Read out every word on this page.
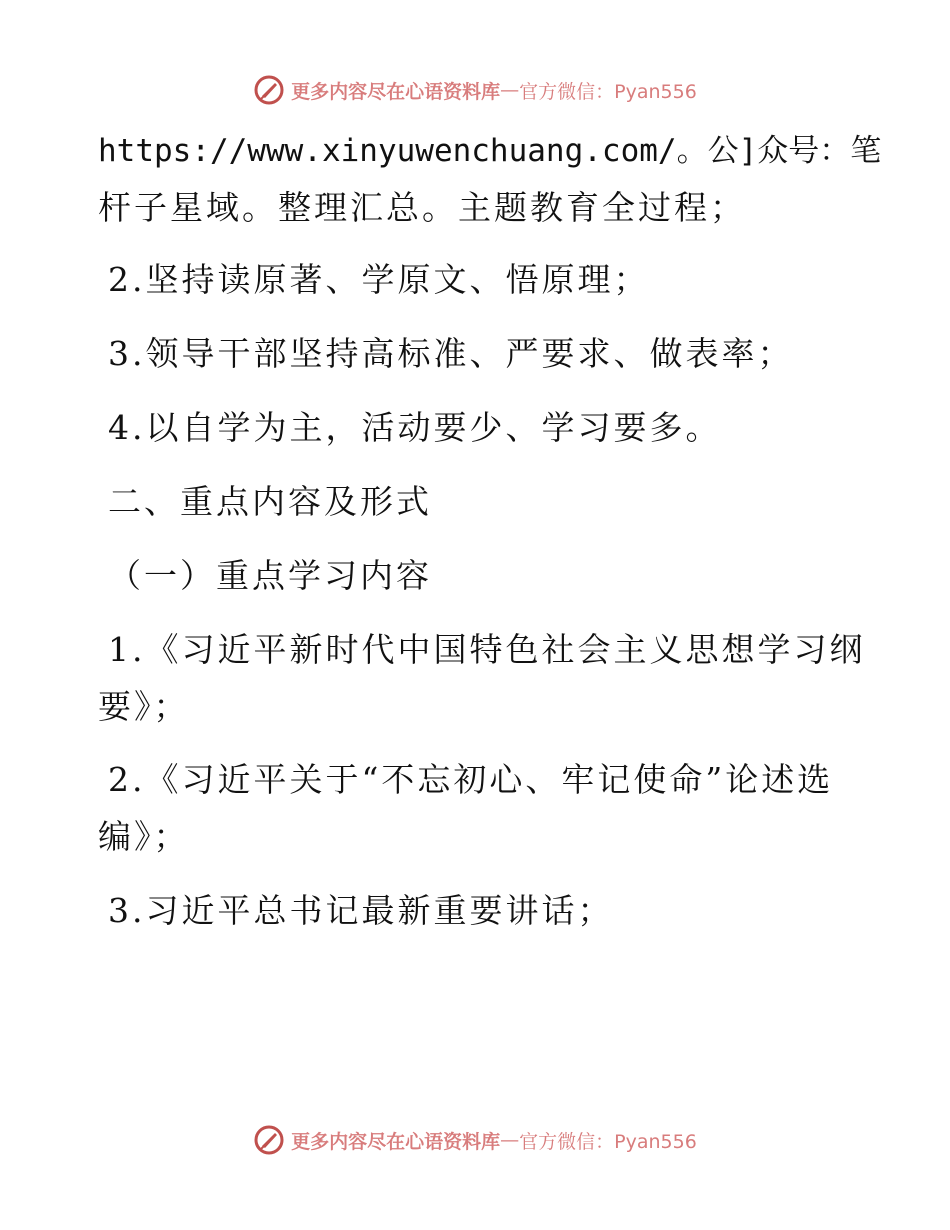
更多内容尽在心语资料库 — 官方微信：Pyan556
https://www.xinyuwenchuang.com/。公]众号：笔
杆子星域。整理汇总。主题教育全过程；
2.坚持读原著、学原文、悟原理；
3.领导干部坚持高标准、严要求、做表率；
4.以自学为主，活动要少、学习要多。
二、重点内容及形式
（一）重点学习内容
1.《习近平新时代中国特色社会主义思想学习纲
要》；
2.《习近平关于“不忘初心、牢记使命”论述选
编》；
3.习近平总书记最新重要讲话；
更多内容尽在心语资料库 — 官方微信：Pyan556
